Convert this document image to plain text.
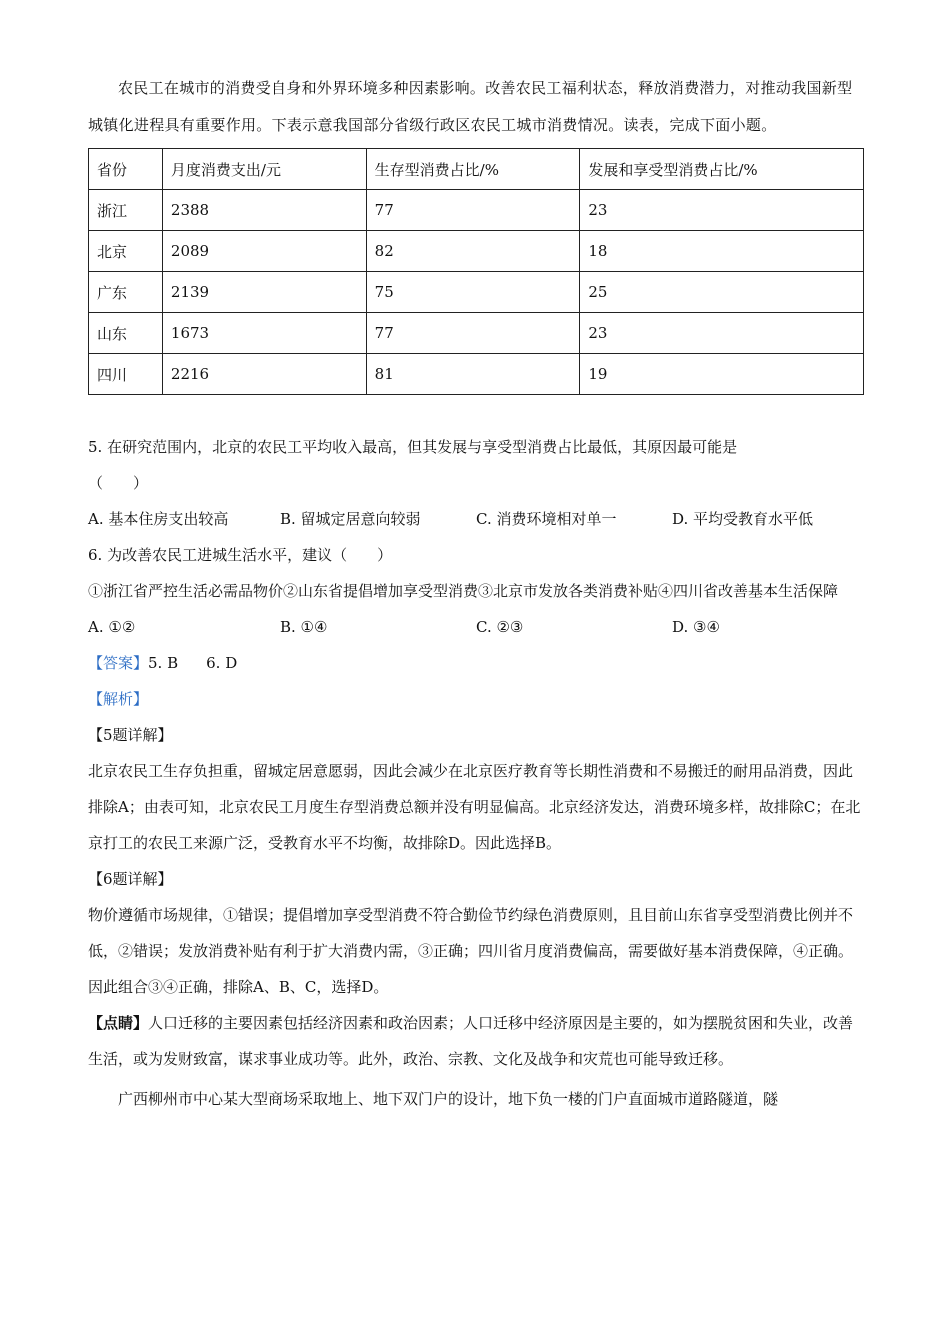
农民工在城市的消费受自身和外界环境多种因素影响。改善农民工福利状态，释放消费潜力，对推动我国新型城镇化进程具有重要作用。下表示意我国部分省级行政区农民工城市消费情况。读表，完成下面小题。

省份	月度消费支出/元	生存型消费占比/%	发展和享受型消费占比/%
浙江	2388	77	23
北京	2089	82	18
广东	2139	75	25
山东	1673	77	23
四川	2216	81	19

5. 在研究范围内，北京的农民工平均收入最高，但其发展与享受型消费占比最低，其原因最可能是

（　　）

A. 基本住房支出较高	B. 留城定居意向较弱	C. 消费环境相对单一	D. 平均受教育水平低

6. 为改善农民工进城生活水平，建议（　　）

①浙江省严控生活必需品物价②山东省提倡增加享受型消费③北京市发放各类消费补贴④四川省改善基本生活保障

A. ①②	B. ①④	C. ②③	D. ③④

【答案】5. B 6. D

【解析】

【5题详解】

北京农民工生存负担重，留城定居意愿弱，因此会减少在北京医疗教育等长期性消费和不易搬迁的耐用品消费，因此排除A；由表可知，北京农民工月度生存型消费总额并没有明显偏高。北京经济发达，消费环境多样，故排除C；在北京打工的农民工来源广泛，受教育水平不均衡，故排除D。因此选择B。

【6题详解】

物价遵循市场规律，①错误；提倡增加享受型消费不符合勤俭节约绿色消费原则，且目前山东省享受型消费比例并不低，②错误；发放消费补贴有利于扩大消费内需，③正确；四川省月度消费偏高，需要做好基本消费保障，④正确。因此组合③④正确，排除A、B、C，选择D。

【点睛】人口迁移的主要因素包括经济因素和政治因素；人口迁移中经济原因是主要的，如为摆脱贫困和失业，改善生活，或为发财致富，谋求事业成功等。此外，政治、宗教、文化及战争和灾荒也可能导致迁移。

广西柳州市中心某大型商场采取地上、地下双门户的设计，地下负一楼的门户直面城市道路隧道，隧
